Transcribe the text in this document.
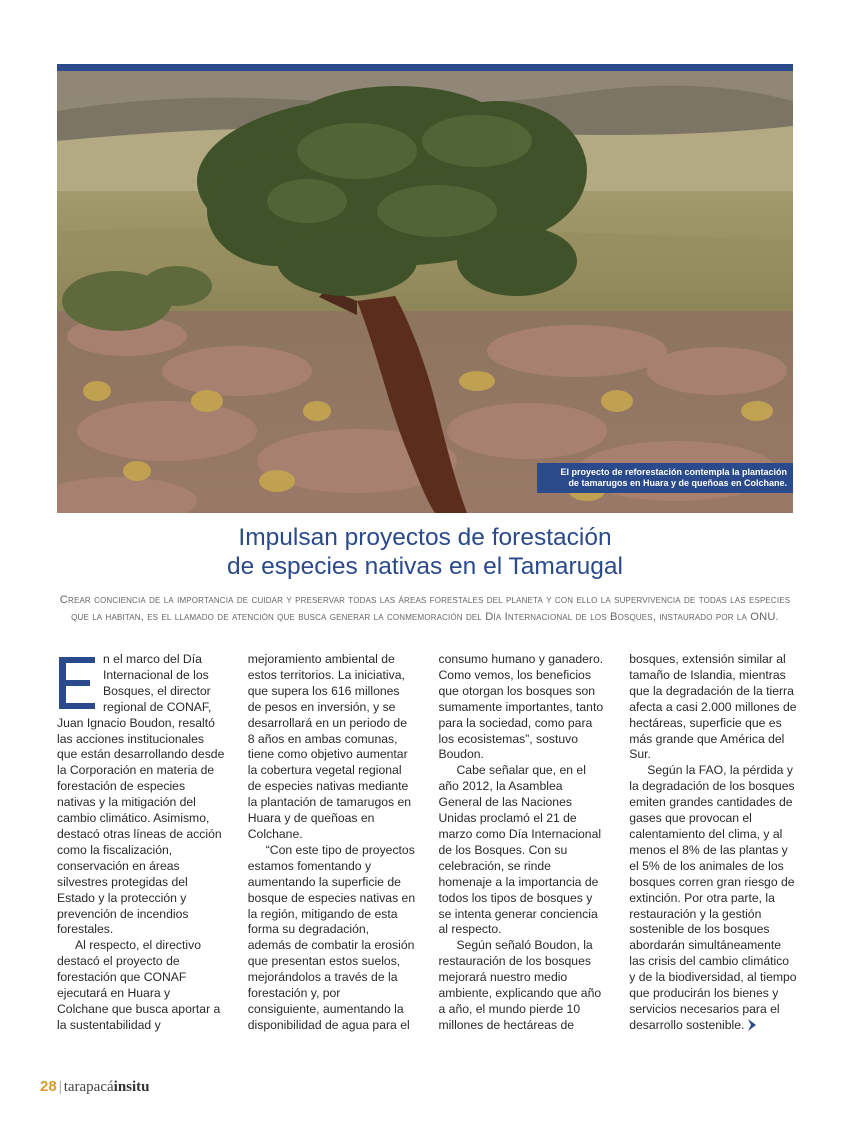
El proyecto de reforestación contempla la plantación
de tamarugos en Huara y de queñoas en Colchane.
Impulsan proyectos de forestación
de especies nativas en el Tamarugal
Crear conciencia de la importancia de cuidar y preservar todas las áreas forestales del planeta y con ello la supervivencia de todas las especies que la habitan, es el llamado de atención que busca generar la conmemoración del Día Internacional de los Bosques, instaurado por la ONU.

n el marco del Día Internacional de los Bosques, el director regional de CONAF, Juan Ignacio Boudon, resaltó las acciones institucionales que están desarrollando desde la Corporación en materia de forestación de especies nativas y la mitigación del cambio climático. Asimismo, destacó otras líneas de acción como la fiscalización, conservación en áreas silvestres protegidas del Estado y la protección y prevención de incendios forestales.

Al respecto, el directivo destacó el proyecto de forestación que CONAF ejecutará en Huara y Colchane que busca aportar a la sustentabilidad y mejoramiento ambiental de estos territorios. La iniciativa, que supera los 616 millones de pesos en inversión, y se desarrollará en un periodo de 8 años en ambas comunas, tiene como objetivo aumentar la cobertura vegetal regional de especies nativas mediante la plantación de tamarugos en Huara y de queñoas en Colchane.

“Con este tipo de proyectos estamos fomentando y aumentando la superficie de bosque de especies nativas en la región, mitigando de esta forma su degradación, además de combatir la erosión que presentan estos suelos, mejorándolos a través de la forestación y, por consiguiente, aumentando la disponibilidad de agua para el consumo humano y ganadero. Como vemos, los beneficios que otorgan los bosques son sumamente importantes, tanto para la sociedad, como para los ecosistemas”, sostuvo Boudon.

Cabe señalar que, en el año 2012, la Asamblea General de las Naciones Unidas proclamó el 21 de marzo como Día Internacional de los Bosques. Con su celebración, se rinde homenaje a la importancia de todos los tipos de bosques y se intenta generar conciencia al respecto.

Según señaló Boudon, la restauración de los bosques mejorará nuestro medio ambiente, explicando que año a año, el mundo pierde 10 millones de hectáreas de bosques, extensión similar al tamaño de Islandia, mientras que la degradación de la tierra afecta a casi 2.000 millones de hectáreas, superficie que es más grande que América del Sur.

Según la FAO, la pérdida y la degradación de los bosques emiten grandes cantidades de gases que provocan el calentamiento del clima, y al menos el 8% de las plantas y el 5% de los animales de los bosques corren gran riesgo de extinción. Por otra parte, la restauración y la gestión sostenible de los bosques abordarán simultáneamente las crisis del cambio climático y de la biodiversidad, al tiempo que producirán los bienes y servicios necesarios para el desarrollo sostenible.

28 | tarapacáinsitu
